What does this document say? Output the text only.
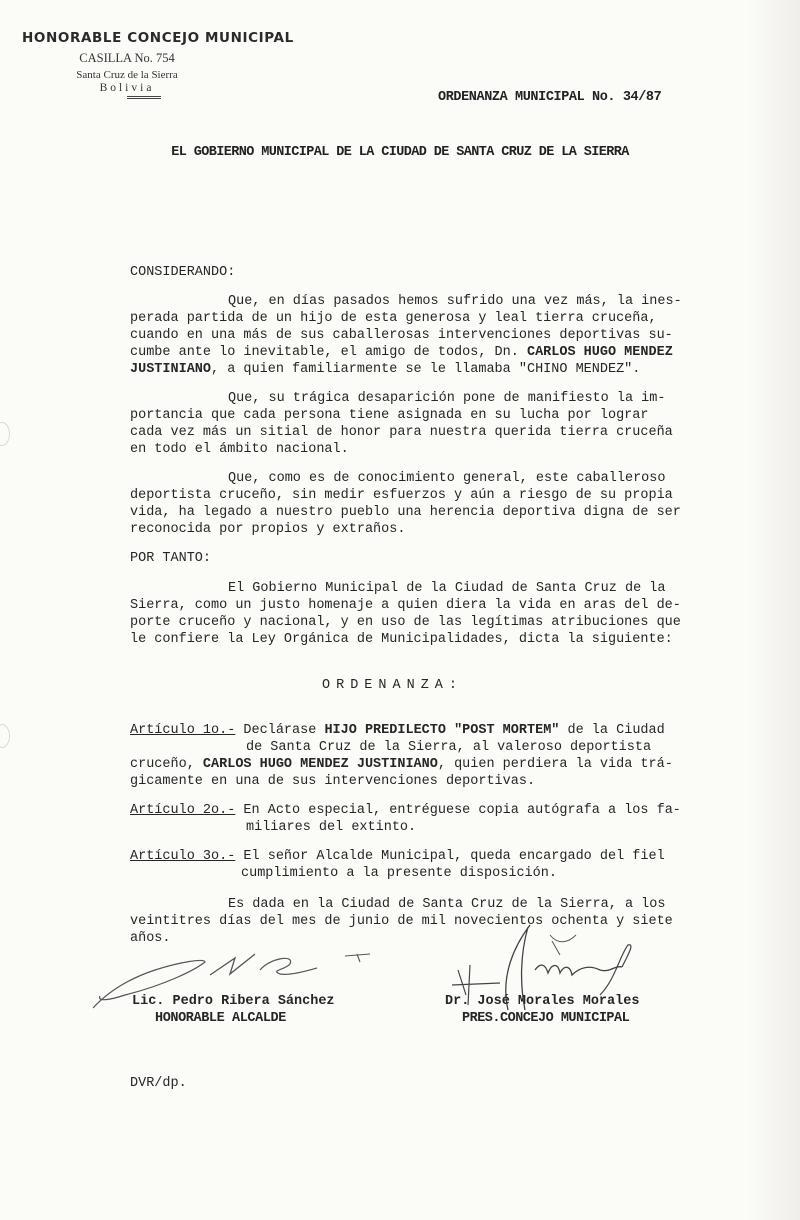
HONORABLE CONCEJO MUNICIPAL
CASILLA No. 754
Santa Cruz de la Sierra
Bolivia
ORDENANZA MUNICIPAL No. 34/87
EL GOBIERNO MUNICIPAL DE LA CIUDAD DE SANTA CRUZ DE LA SIERRA
CONSIDERANDO:
Que, en días pasados hemos sufrido una vez más, la ines-
perada partida de un hijo de esta generosa y leal tierra cruceña,
cuando en una más de sus caballerosas intervenciones deportivas su-
cumbe ante lo inevitable, el amigo de todos, Dn. CARLOS HUGO MENDEZ
JUSTINIANO, a quien familiarmente se le llamaba "CHINO MENDEZ".
Que, su trágica desaparición pone de manifiesto la im-
portancia que cada persona tiene asignada en su lucha por lograr
cada vez más un sitial de honor para nuestra querida tierra cruceña
en todo el ámbito nacional.
Que, como es de conocimiento general, este caballeroso
deportista cruceño, sin medir esfuerzos y aún a riesgo de su propia
vida, ha legado a nuestro pueblo una herencia deportiva digna de ser
reconocida por propios y extraños.
POR TANTO:
El Gobierno Municipal de la Ciudad de Santa Cruz de la
Sierra, como un justo homenaje a quien diera la vida en aras del de-
porte cruceño y nacional, y en uso de las legítimas atribuciones que
le confiere la Ley Orgánica de Municipalidades, dicta la siguiente:
ORDENANZA:
Artículo 1o.- Declárase HIJO PREDILECTO "POST MORTEM" de la Ciudad
de Santa Cruz de la Sierra, al valeroso deportista
cruceño, CARLOS HUGO MENDEZ JUSTINIANO, quien perdiera la vida trá-
gicamente en una de sus intervenciones deportivas.
Artículo 2o.- En Acto especial, entréguese copia autógrafa a los fa-
miliares del extinto.
Artículo 3o.- El señor Alcalde Municipal, queda encargado del fiel
cumplimiento a la presente disposición.
Es dada en la Ciudad de Santa Cruz de la Sierra, a los
veintitres días del mes de junio de mil novecientos ochenta y siete
años.
Lic. Pedro Ribera Sánchez
HONORABLE ALCALDE
Dr. José Morales Morales
PRES.CONCEJO MUNICIPAL
DVR/dp.
